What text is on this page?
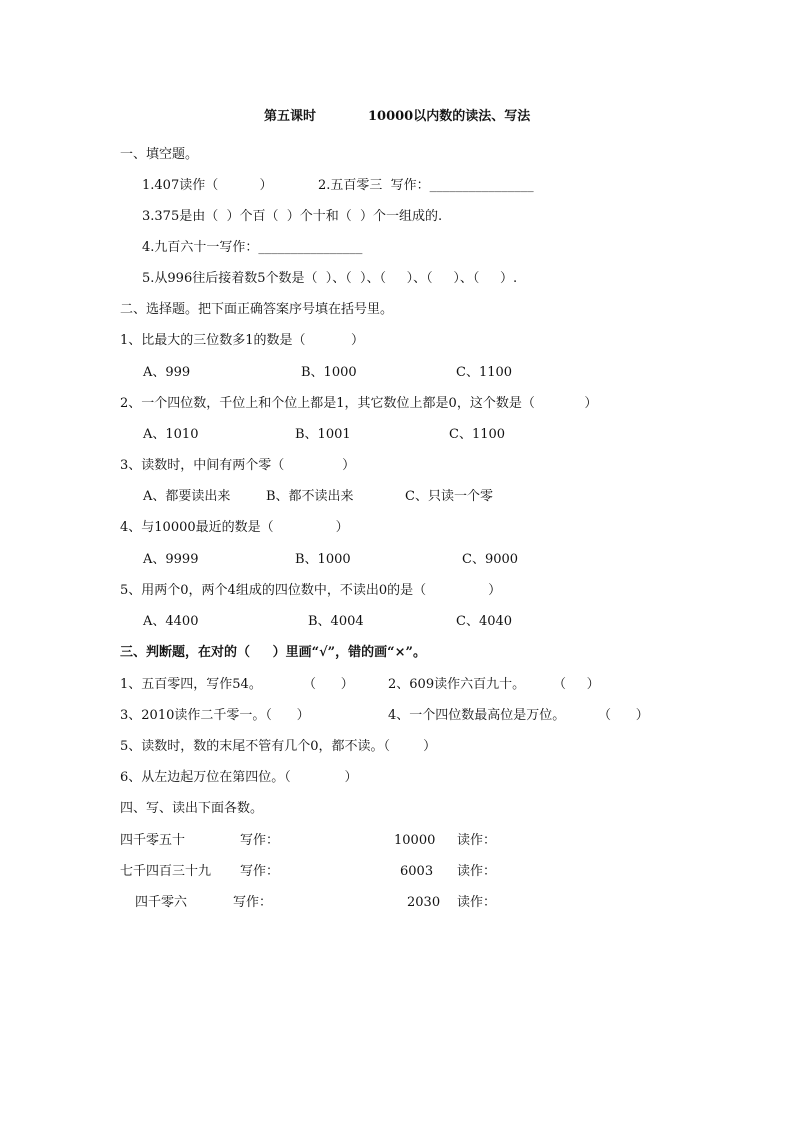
第五课时	10000以内数的读法、写法
一、填空题。
1.407读作（          ）	2.五百零三  写作：________________
3.375是由（  ）个百（  ）个十和（  ）个一组成的.
4.九百六十一写作：________________
5.从996往后接着数5个数是（  ）、（  ）、（     ）、（     ）、（     ）.
二、选择题。把下面正确答案序号填在括号里。
1、比最大的三位数多1的数是（           ）
A、999	B、1000	C、1100
2、一个四位数，千位上和个位上都是1，其它数位上都是0，这个数是（            ）
A、1010	B、1001	C、1100
3、读数时，中间有两个零（              ）
A、都要读出来	B、都不读出来	C、只读一个零
4、与10000最近的数是（               ）
A、9999	B、1000	C、9000
5、用两个0，两个4组成的四位数中，不读出0的是（               ）
A、4400	B、4004	C、4040
三、判断题，在对的（     ）里画“√”，错的画“×”。
1、五百零四，写作54。	（      ）	2、609读作六百九十。 （     ）
3、2010读作二千零一。（      ）	4、一个四位数最高位是万位。	（      ）
5、读数时，数的末尾不管有几个0，都不读。（        ）
6、从左边起万位在第四位。（             ）
四、写、读出下面各数。
四千零五十	写作：	10000 读作：
七千四百三十九 写作：	6003 读作：
四千零六	写作：	2030 读作：
